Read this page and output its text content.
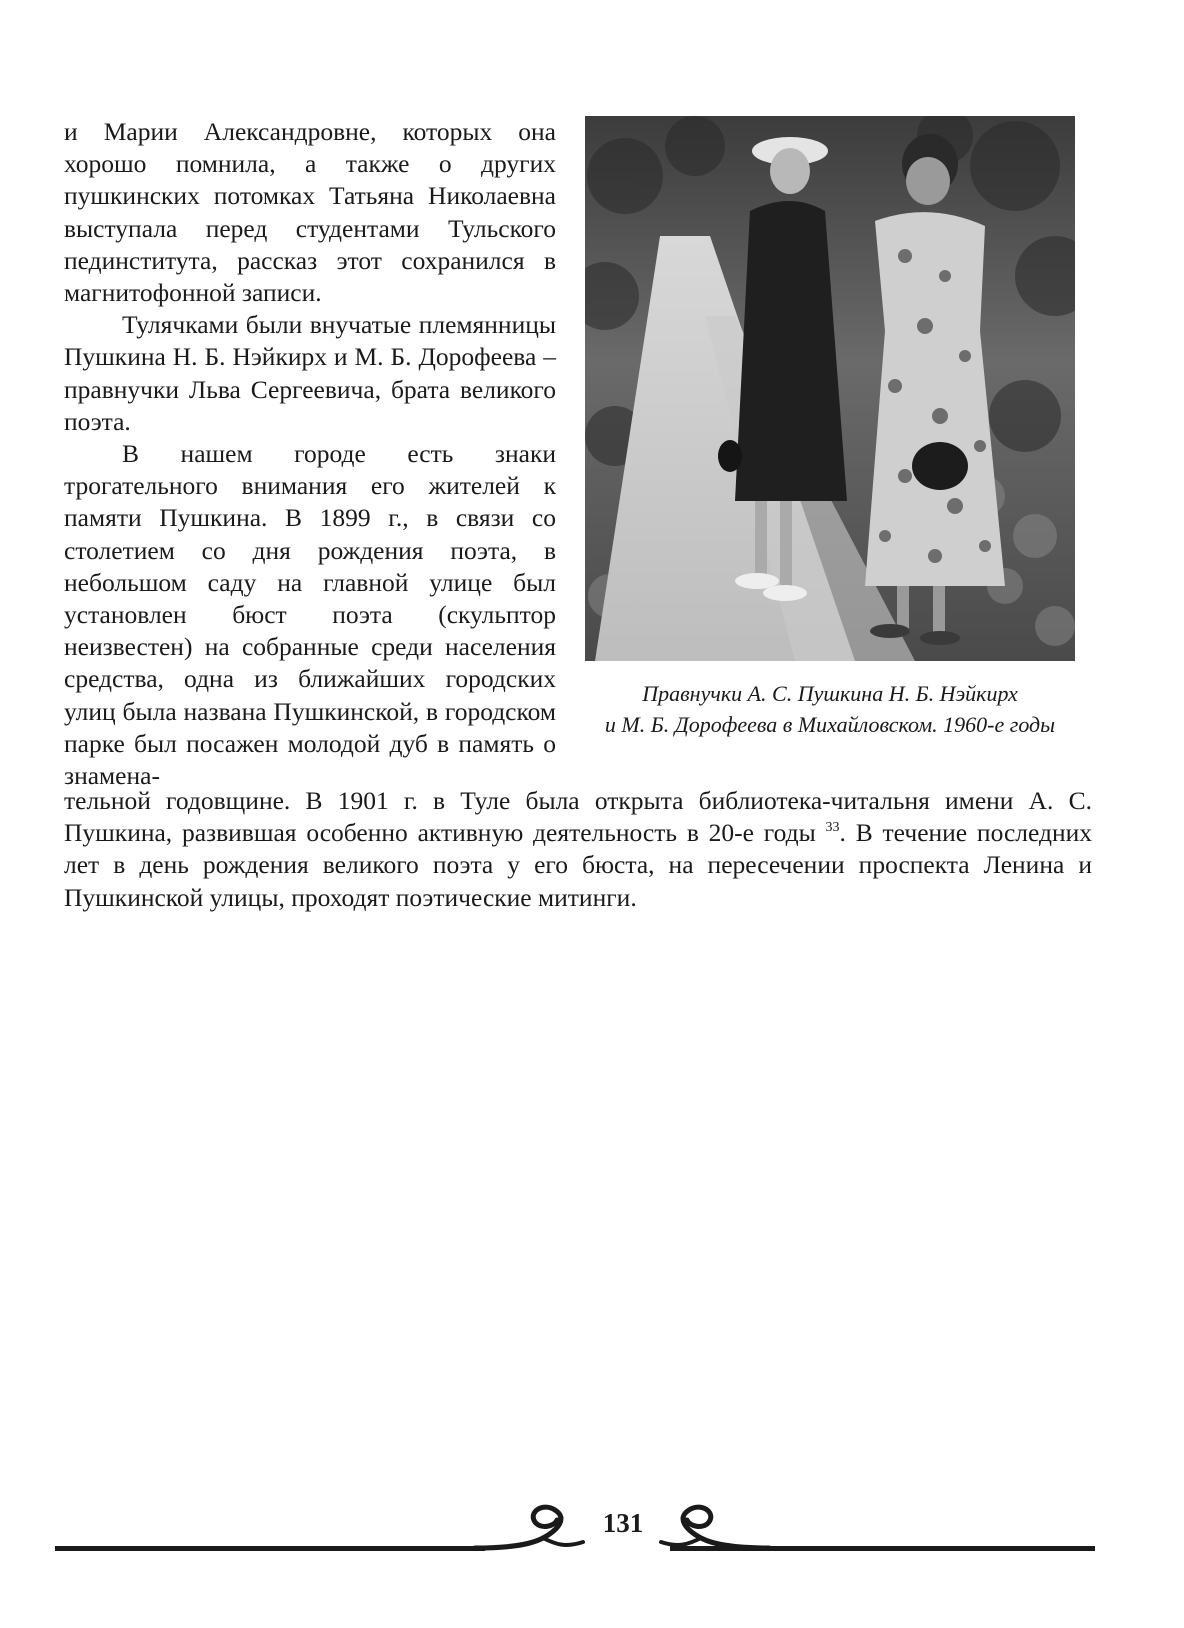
и Марии Александровне, которых она хорошо помнила, а также о других пушкинских потомках Татьяна Николаевна выступала перед студентами Тульского пединститута, рассказ этот сохранился в магнитофонной записи.

Тулячками были внучатые племянницы Пушкина Н. Б. Нэйкирх и М. Б. Дорофеева – правнучки Льва Сергеевича, брата великого поэта.

В нашем городе есть знаки трогательного внимания его жителей к памяти Пушкина. В 1899 г., в связи со столетием со дня рождения поэта, в небольшом саду на главной улице был установлен бюст поэта (скульптор неизвестен) на собранные среди населения средства, одна из ближайших городских улиц была названа Пушкинской, в городском парке был посажен молодой дуб в память о знамена-

Правнучки А. С. Пушкина Н. Б. Нэйкирх

и М. Б. Дорофеева в Михайловском. 1960-е годы

тельной годовщине. В 1901 г. в Туле была открыта библиотека-читальня имени А. С. Пушкина, развившая особенно активную деятельность в 20-е годы $^{33}$. В течение последних лет в день рождения великого поэта у его бюста, на пересечении проспекта Ленина и Пушкинской улицы, проходят поэтические митинги.

131
